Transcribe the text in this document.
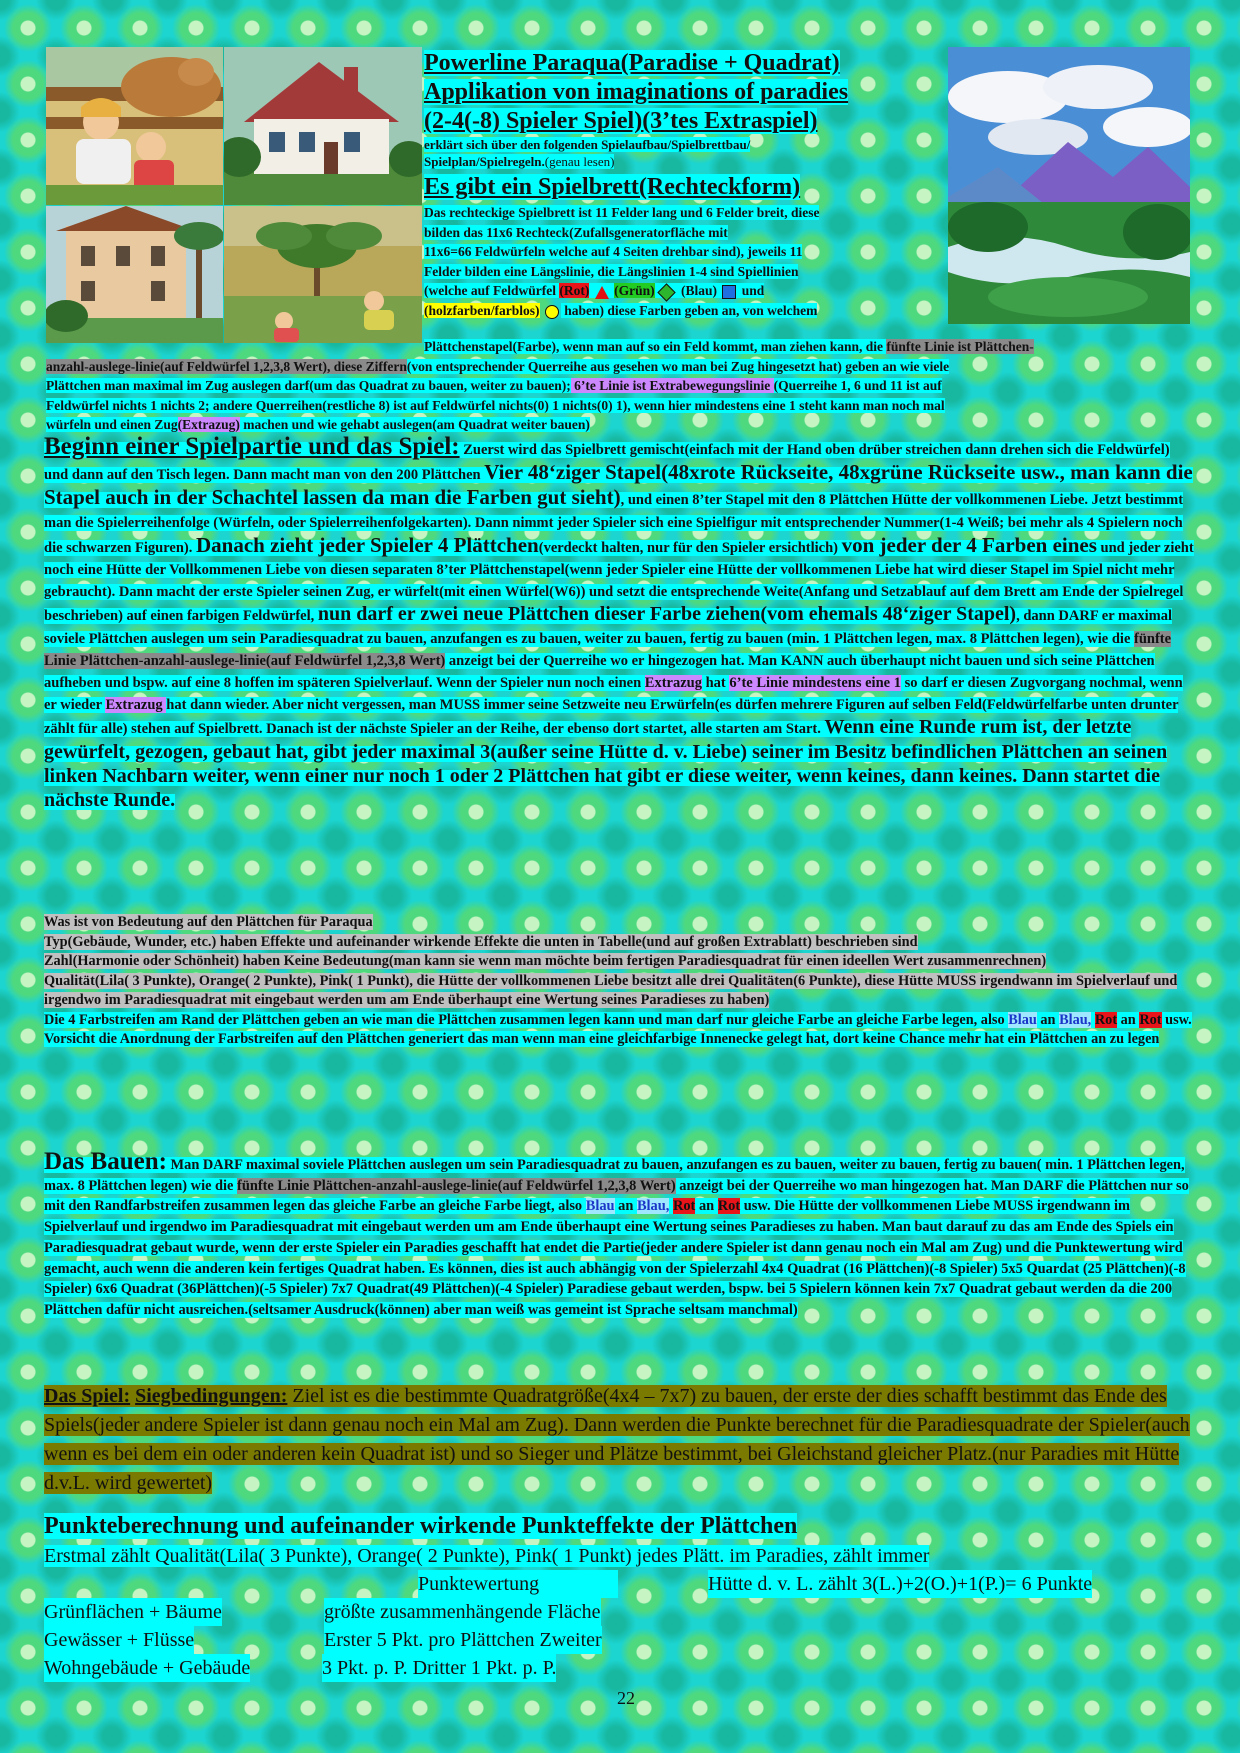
Powerline Paraqua(Paradise + Quadrat)
Applikation von imaginations of paradies
(2-4(-8) Spieler Spiel)(3’tes Extraspiel)
erklärt sich über den folgenden Spielaufbau/Spielbrettbau/
Spielplan/Spielregeln.(genau lesen)
Es gibt ein Spielbrett(Rechteckform)
Das rechteckige Spielbrett ist 11 Felder lang und 6 Felder breit, diese
bilden das 11x6 Rechteck(Zufallsgeneratorfläche mit
11x6=66 Feldwürfeln welche auf 4 Seiten drehbar sind), jeweils 11
Felder bilden eine Längslinie, die Längslinien 1-4 sind Spiellinien
(welche auf Feldwürfel (Rot) (Grün) (Blau) und
(holzfarben/farblos)  haben) diese Farben geben an, von welchem
Plättchenstapel(Farbe), wenn man auf so ein Feld kommt, man ziehen kann, die fünfte Linie ist Plättchen-
anzahl-auslege-linie(auf Feldwürfel 1,2,3,8 Wert), diese Ziffern(von entsprechender Querreihe aus gesehen wo man bei Zug hingesetzt hat) geben an wie viele
Plättchen man maximal im Zug auslegen darf(um das Quadrat zu bauen, weiter zu bauen); 6’te Linie ist Extrabewegungslinie (Querreihe 1, 6 und 11 ist auf
Feldwürfel nichts 1 nichts 2; andere Querreihen(restliche 8) ist auf Feldwürfel nichts(0) 1 nichts(0) 1), wenn hier mindestens eine 1 steht kann man noch mal
würfeln und einen Zug(Extrazug) machen und wie gehabt auslegen(am Quadrat weiter bauen)
Beginn einer Spielpartie und das Spiel: Zuerst wird das Spielbrett gemischt(einfach mit der Hand oben drüber streichen dann drehen sich die Feldwürfel) und dann auf den Tisch legen. Dann macht man von den 200 Plättchen Vier 48‘ziger Stapel(48xrote Rückseite, 48xgrüne Rückseite usw., man kann die Stapel auch in der Schachtel lassen da man die Farben gut sieht), und einen 8’ter Stapel mit den 8 Plättchen Hütte der vollkommenen Liebe. Jetzt bestimmt man die Spielerreihenfolge (Würfeln, oder Spielerreihenfolgekarten). Dann nimmt jeder Spieler sich eine Spielfigur mit entsprechender Nummer(1-4 Weiß; bei mehr als 4 Spielern noch die schwarzen Figuren). Danach zieht jeder Spieler 4 Plättchen(verdeckt halten, nur für den Spieler ersichtlich) von jeder der 4 Farben eines und jeder zieht noch eine Hütte der Vollkommenen Liebe von diesen separaten 8’ter Plättchenstapel(wenn jeder Spieler eine Hütte der vollkommenen Liebe hat wird dieser Stapel im Spiel nicht mehr gebraucht). Dann macht der erste Spieler seinen Zug, er würfelt(mit einen Würfel(W6)) und setzt die entsprechende Weite(Anfang und Setzablauf auf dem Brett am Ende der Spielregel beschrieben) auf einen farbigen Feldwürfel, nun darf er zwei neue Plättchen dieser Farbe ziehen(vom ehemals 48‘ziger Stapel), dann DARF er maximal soviele Plättchen auslegen um sein Paradiesquadrat zu bauen, anzufangen es zu bauen, weiter zu bauen, fertig zu bauen (min. 1 Plättchen legen, max. 8 Plättchen legen), wie die fünfte Linie Plättchen-anzahl-auslege-linie(auf Feldwürfel 1,2,3,8 Wert) anzeigt bei der Querreihe wo er hingezogen hat. Man KANN auch überhaupt nicht bauen und sich seine Plättchen aufheben und bspw. auf eine 8 hoffen im späteren Spielverlauf. Wenn der Spieler nun noch einen Extrazug hat 6’te Linie mindestens eine 1 so darf er diesen Zugvorgang nochmal, wenn er wieder Extrazug hat dann wieder. Aber nicht vergessen, man MUSS immer seine Setzweite neu Erwürfeln(es dürfen mehrere Figuren auf selben Feld(Feldwürfelfarbe unten drunter zählt für alle) stehen auf Spielbrett. Danach ist der nächste Spieler an der Reihe, der ebenso dort startet, alle starten am Start. Wenn eine Runde rum ist, der letzte gewürfelt, gezogen, gebaut hat, gibt jeder maximal 3(außer seine Hütte d. v. Liebe) seiner im Besitz befindlichen Plättchen an seinen linken Nachbarn weiter, wenn einer nur noch 1 oder 2 Plättchen hat gibt er diese weiter, wenn keines, dann keines. Dann startet die nächste Runde.
Was ist von Bedeutung auf den Plättchen für Paraqua
Typ(Gebäude, Wunder, etc.) haben Effekte und aufeinander wirkende Effekte die unten in Tabelle(und auf großen Extrablatt) beschrieben sind
Zahl(Harmonie oder Schönheit) haben Keine Bedeutung(man kann sie wenn man möchte beim fertigen Paradiesquadrat für einen ideellen Wert zusammenrechnen)
Qualität(Lila( 3 Punkte), Orange( 2 Punkte), Pink( 1 Punkt), die Hütte der vollkommenen Liebe besitzt alle drei Qualitäten(6 Punkte), diese Hütte MUSS irgendwann im Spielverlauf und irgendwo im Paradiesquadrat mit eingebaut werden um am Ende überhaupt eine Wertung seines Paradieses zu haben)
Die 4 Farbstreifen am Rand der Plättchen geben an wie man die Plättchen zusammen legen kann und man darf nur gleiche Farbe an gleiche Farbe legen, also Blau an Blau, Rot an Rot usw. Vorsicht die Anordnung der Farbstreifen auf den Plättchen generiert das man wenn man eine gleichfarbige Innenecke gelegt hat, dort keine Chance mehr hat ein Plättchen an zu legen
Das Bauen: Man DARF maximal soviele Plättchen auslegen um sein Paradiesquadrat zu bauen, anzufangen es zu bauen, weiter zu bauen, fertig zu bauen( min. 1 Plättchen legen, max. 8 Plättchen legen) wie die fünfte Linie Plättchen-anzahl-auslege-linie(auf Feldwürfel 1,2,3,8 Wert) anzeigt bei der Querreihe wo man hingezogen hat. Man DARF die Plättchen nur so mit den Randfarbstreifen zusammen legen das gleiche Farbe an gleiche Farbe liegt, also Blau an Blau, Rot an Rot usw. Die Hütte der vollkommenen Liebe MUSS irgendwann im Spielverlauf und irgendwo im Paradiesquadrat mit eingebaut werden um am Ende überhaupt eine Wertung seines Paradieses zu haben. Man baut darauf zu das am Ende des Spiels ein Paradiesquadrat gebaut wurde, wenn der erste Spieler ein Paradies geschafft hat endet die Partie(jeder andere Spieler ist dann genau noch ein Mal am Zug) und die Punktewertung wird gemacht, auch wenn die anderen kein fertiges Quadrat haben. Es können, dies ist auch abhängig von der Spielerzahl 4x4 Quadrat (16 Plättchen)(-8 Spieler) 5x5 Quardat (25 Plättchen)(-8 Spieler) 6x6 Quadrat (36Plättchen)(-5 Spieler) 7x7 Quadrat(49 Plättchen)(-4 Spieler) Paradiese gebaut werden, bspw. bei 5 Spielern können kein 7x7 Quadrat gebaut werden da die 200 Plättchen dafür nicht ausreichen.(seltsamer Ausdruck(können) aber man weiß was gemeint ist Sprache seltsam manchmal)
Das Spiel: Siegbedingungen: Ziel ist es die bestimmte Quadratgröße(4x4 – 7x7) zu bauen, der erste der dies schafft bestimmt das Ende des Spiels(jeder andere Spieler ist dann genau noch ein Mal am Zug). Dann werden die Punkte berechnet für die Paradiesquadrate der Spieler(auch wenn es bei dem ein oder anderen kein Quadrat ist) und so Sieger und Plätze bestimmt, bei Gleichstand gleicher Platz.(nur Paradies mit Hütte d.v.L. wird gewertet)
Punkteberechnung und aufeinander wirkende Punkteffekte der Plättchen
Erstmal zählt Qualität(Lila( 3 Punkte), Orange( 2 Punkte), Pink( 1 Punkt) jedes Plätt. im Paradies, zählt immer
Punktewertung	Hütte d. v. L. zählt 3(L.)+2(O.)+1(P.)= 6 Punkte
Grünflächen + Bäume	größte zusammenhängende Fläche
Gewässer + Flüsse	Erster 5 Pkt. pro Plättchen Zweiter
Wohngebäude + Gebäude	3 Pkt. p. P. Dritter 1 Pkt. p. P.
22
